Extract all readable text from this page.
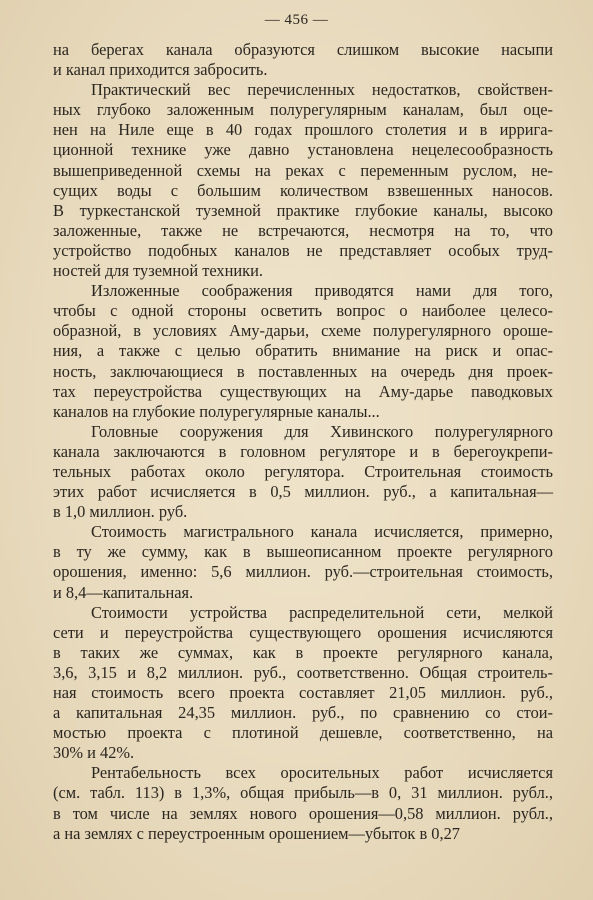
— 456 —
на берегах канала образуются слишком высокие насыпи
и канал приходится забросить.
Практический вес перечисленных недостатков, свойствен-
ных глубоко заложенным полурегулярным каналам, был оце-
нен на Ниле еще в 40 годах прошлого столетия и в ирригa-
ционной технике уже давно установлена нецелесообразность
вышеприведенной схемы на реках с переменным руслом, не-
сущих воды с большим количеством взвешенных наносов.
В туркестанской туземной практике глубокие каналы, высоко
заложенные, также не встречаются, несмотря на то, что
устройство подобных каналов не представляет особых труд-
ностей для туземной техники.
Изложенные соображения приводятся нами для того,
чтобы с одной стороны осветить вопрос о наиболее целесо-
образной, в условиях Аму-дарьи, схеме полурегулярного ороше-
ния, а также с целью обратить внимание на риск и опас-
ность, заключающиеся в поставленных на очередь дня проек-
тах переустройства существующих на Аму-дарье паводковых
каналов на глубокие полурегулярные каналы...
Головные сооружения для Хивинского полурегулярного
канала заключаются в головном регуляторе и в берегоукрепи-
тельных работах около регулятора. Строительная стоимость
этих работ исчисляется в 0,5 миллион. руб., а капитальная—
в 1,0 миллион. руб.
Стоимость магистрального канала исчисляется, примерно,
в ту же сумму, как в вышеописанном проекте регулярного
орошения, именно: 5,6 миллион. руб.—строительная стоимость,
и 8,4—капитальная.
Стоимости устройства распределительной сети, мелкой
сети и переустройства существующего орошения исчисляются
в таких же суммах, как в проекте регулярного канала,
3,6, 3,15 и 8,2 миллион. руб., соответственно. Общая строитель-
ная стоимость всего проекта составляет 21,05 миллион. руб.,
а капитальная 24,35 миллион. руб., по сравнению со стои-
мостью проекта с плотиной дешевле, соответственно, на
30% и 42%.
Рентабельность всех оросительных работ исчисляется
(см. табл. 113) в 1,3%, общая прибыль—в 0, 31 миллион. рубл.,
в том числе на землях нового орошения—0,58 миллион. рубл.,
а на землях с переустроенным орошением—убыток в 0,27
